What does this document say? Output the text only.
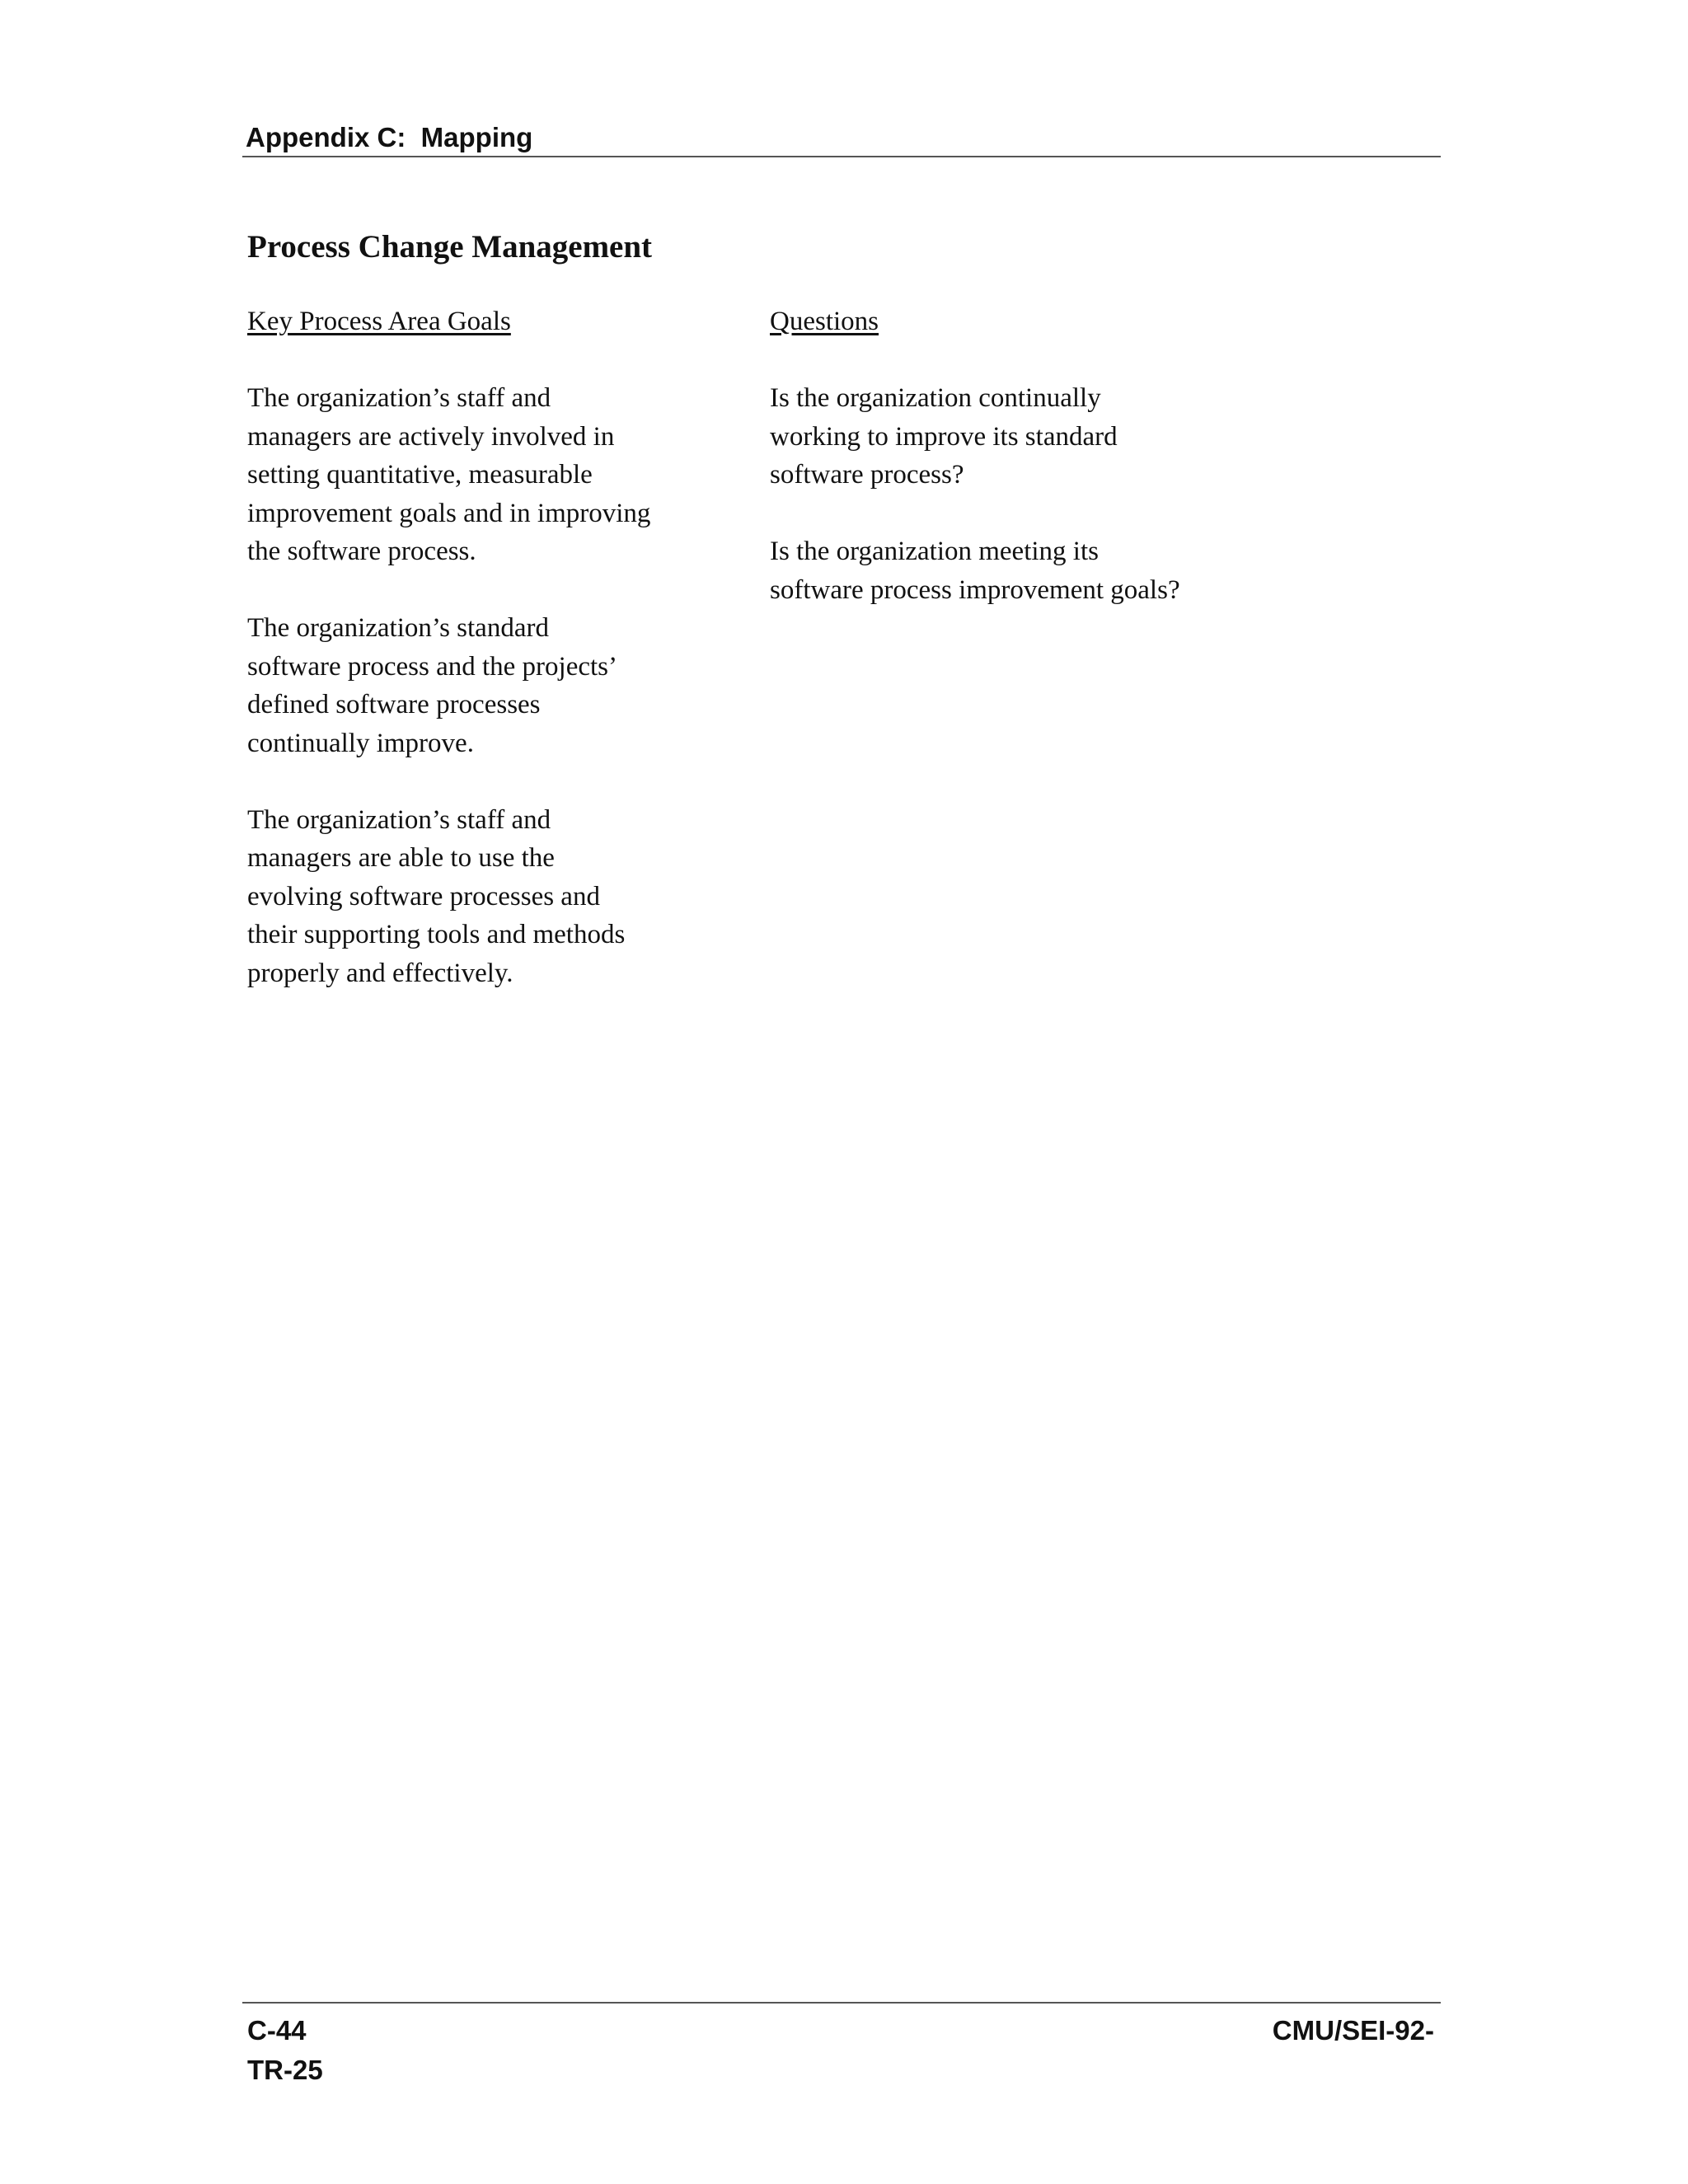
Appendix C:  Mapping
Process Change Management
Key Process Area Goals
The organization’s staff and
managers are actively involved in
setting quantitative, measurable
improvement goals and in improving
the software process.
The organization’s standard
software process and the projects’
defined software processes
continually improve.
The organization’s staff and
managers are able to use the
evolving software processes and
their supporting tools and methods
properly and effectively.
Questions
Is the organization continually
working to improve its standard
software process?
Is the organization meeting its
software process improvement goals?
C-44
TR-25
CMU/SEI-92-
